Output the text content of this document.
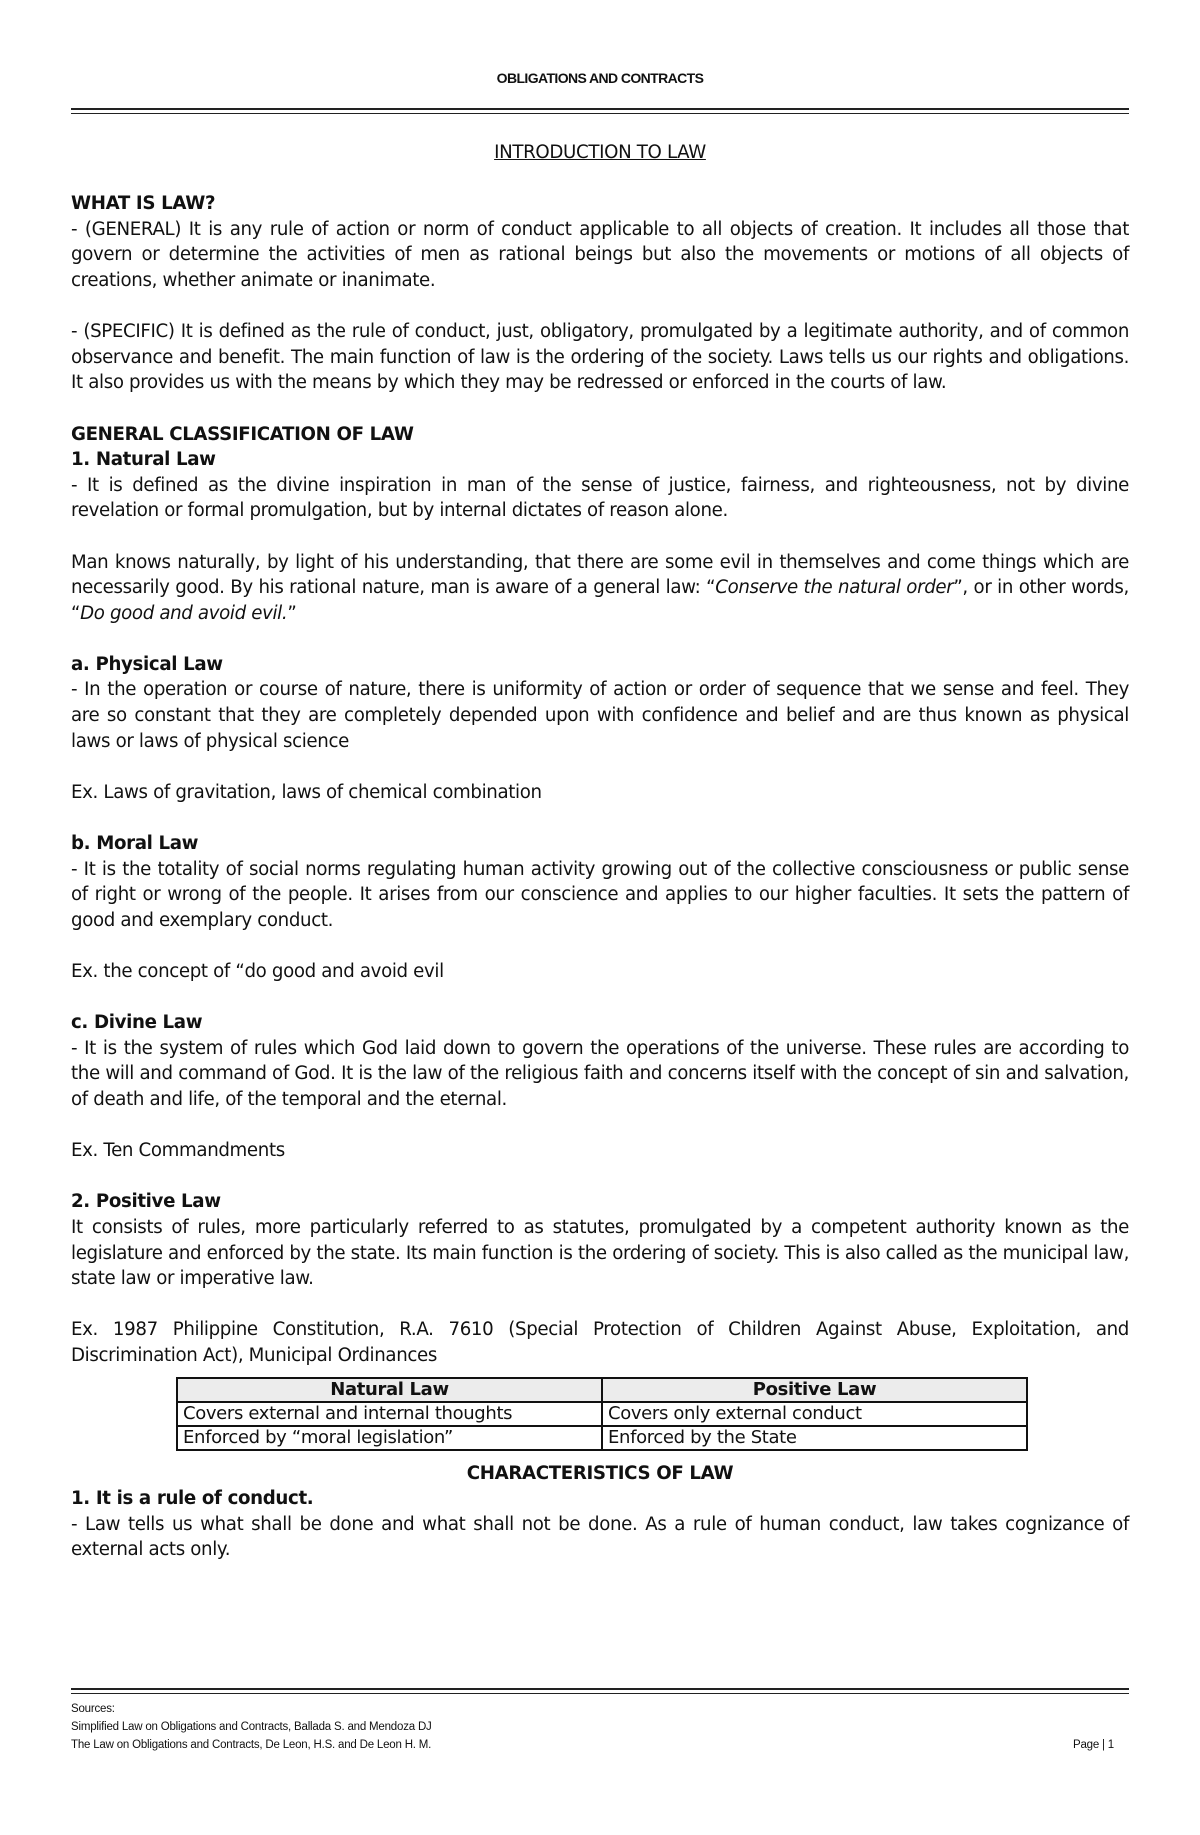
OBLIGATIONS AND CONTRACTS

INTRODUCTION TO LAW

WHAT IS LAW?

- (GENERAL) It is any rule of action or norm of conduct applicable to all objects of creation. It includes all those that govern or determine the activities of men as rational beings but also the movements or motions of all objects of creations, whether animate or inanimate.

- (SPECIFIC) It is defined as the rule of conduct, just, obligatory, promulgated by a legitimate authority, and of common observance and benefit. The main function of law is the ordering of the society. Laws tells us our rights and obligations. It also provides us with the means by which they may be redressed or enforced in the courts of law.

GENERAL CLASSIFICATION OF LAW

1. Natural Law

- It is defined as the divine inspiration in man of the sense of justice, fairness, and righteousness, not by divine revelation or formal promulgation, but by internal dictates of reason alone.

Man knows naturally, by light of his understanding, that there are some evil in themselves and come things which are necessarily good. By his rational nature, man is aware of a general law: “Conserve the natural order”, or in other words, “Do good and avoid evil.”

a. Physical Law

- In the operation or course of nature, there is uniformity of action or order of sequence that we sense and feel. They are so constant that they are completely depended upon with confidence and belief and are thus known as physical laws or laws of physical science

Ex. Laws of gravitation, laws of chemical combination

b. Moral Law

- It is the totality of social norms regulating human activity growing out of the collective consciousness or public sense of right or wrong of the people. It arises from our conscience and applies to our higher faculties. It sets the pattern of good and exemplary conduct.

Ex. the concept of “do good and avoid evil

c. Divine Law

- It is the system of rules which God laid down to govern the operations of the universe. These rules are according to the will and command of God. It is the law of the religious faith and concerns itself with the concept of sin and salvation, of death and life, of the temporal and the eternal.

Ex. Ten Commandments

2. Positive Law

It consists of rules, more particularly referred to as statutes, promulgated by a competent authority known as the legislature and enforced by the state. Its main function is the ordering of society. This is also called as the municipal law, state law or imperative law.

Ex. 1987 Philippine Constitution, R.A. 7610 (Special Protection of Children Against Abuse, Exploitation, and Discrimination Act), Municipal Ordinances

Natural Law	Positive Law
Covers external and internal thoughts	Covers only external conduct
Enforced by “moral legislation”	Enforced by the State

CHARACTERISTICS OF LAW

1. It is a rule of conduct.

- Law tells us what shall be done and what shall not be done. As a rule of human conduct, law takes cognizance of external acts only.

Sources:
Simplified Law on Obligations and Contracts, Ballada S. and Mendoza DJ
The Law on Obligations and Contracts, De Leon, H.S. and De Leon H. M.	Page | 1
